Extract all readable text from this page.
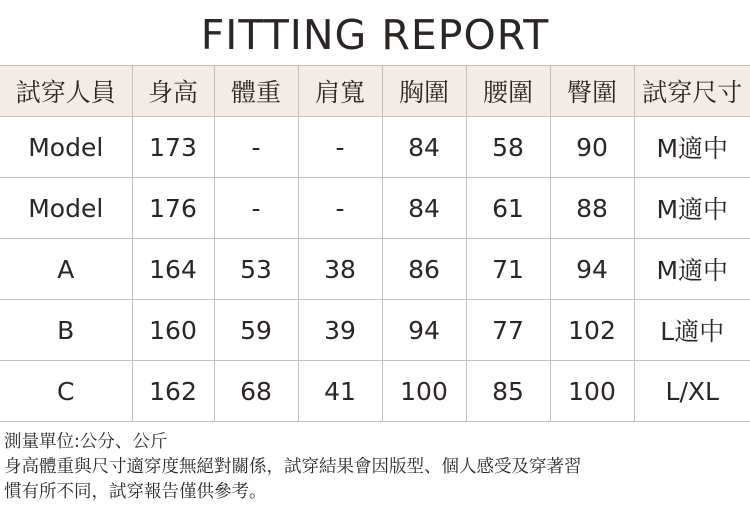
FITTING REPORT
試穿人員	身高	體重	肩寬	胸圍	腰圍	臀圍	試穿尺寸
Model	173	-	-	84	58	90	M適中
Model	176	-	-	84	61	88	M適中
A	164	53	38	86	71	94	M適中
B	160	59	39	94	77	102	L適中
C	162	68	41	100	85	100	L/XL
測量單位:公分、公斤
身高體重與尺寸適穿度無絕對關係，試穿結果會因版型、個人感受及穿著習
慣有所不同，試穿報告僅供參考。
